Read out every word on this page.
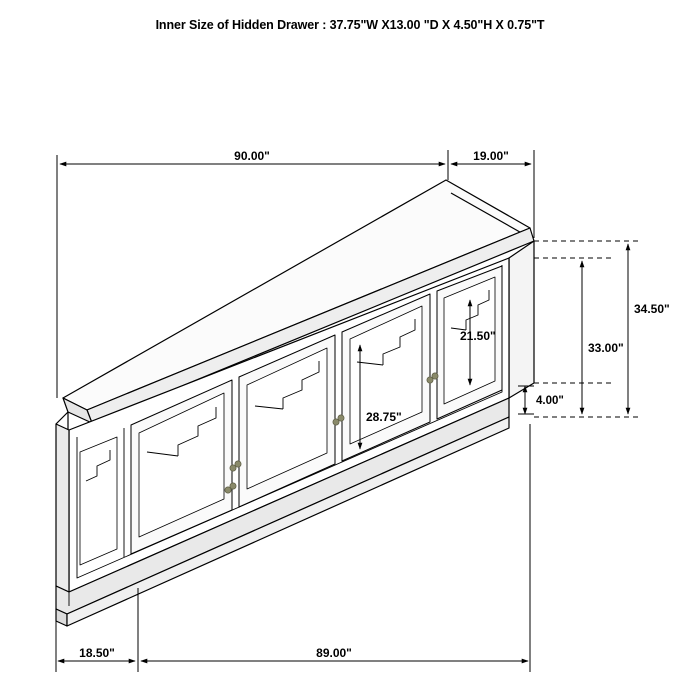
Inner Size of Hidden Drawer : 37.75"W X13.00 "D X 4.50"H X 0.75"T
90.00"	19.00"
34.50"
33.00"
4.00"
28.75"
21.50"
18.50"	89.00"
